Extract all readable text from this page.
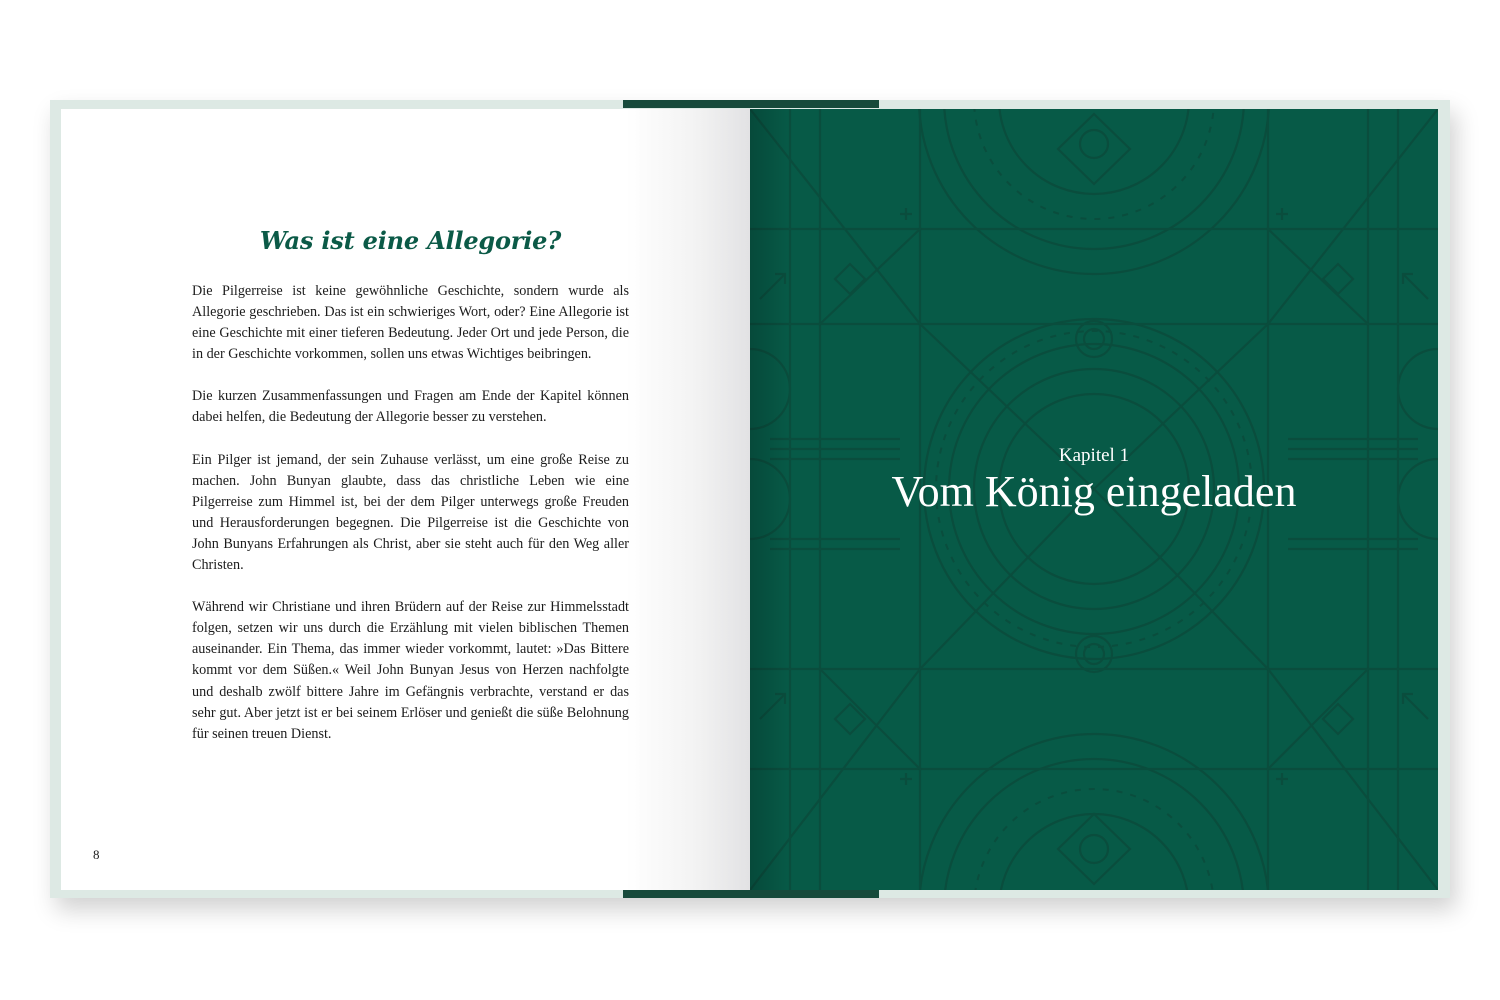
Was ist eine Allegorie?

Die Pilgerreise ist keine gewöhnliche Geschichte, sondern wurde als Allegorie geschrieben. Das ist ein schwieriges Wort, oder? Eine Allegorie ist eine Geschichte mit einer tieferen Bedeutung. Jeder Ort und jede Person, die in der Geschichte vorkommen, sollen uns etwas Wichtiges beibringen.

Die kurzen Zusammenfassungen und Fragen am Ende der Kapitel können dabei helfen, die Bedeutung der Allegorie besser zu verstehen.

Ein Pilger ist jemand, der sein Zuhause verlässt, um eine große Reise zu machen. John Bunyan glaubte, dass das christliche Leben wie eine Pilgerreise zum Himmel ist, bei der dem Pilger unterwegs große Freuden und Herausforderungen begegnen. Die Pilgerreise ist die Geschichte von John Bunyans Erfahrungen als Christ, aber sie steht auch für den Weg aller Christen.

Während wir Christiane und ihren Brüdern auf der Reise zur Himmelsstadt folgen, setzen wir uns durch die Erzählung mit vielen biblischen Themen auseinander. Ein Thema, das immer wieder vorkommt, lautet: »Das Bittere kommt vor dem Süßen.« Weil John Bunyan Jesus von Herzen nachfolgte und deshalb zwölf bittere Jahre im Gefängnis verbrachte, verstand er das sehr gut. Aber jetzt ist er bei seinem Erlöser und genießt die süße Belohnung für seinen treuen Dienst.

8
Kapitel 1
Vom König eingeladen
